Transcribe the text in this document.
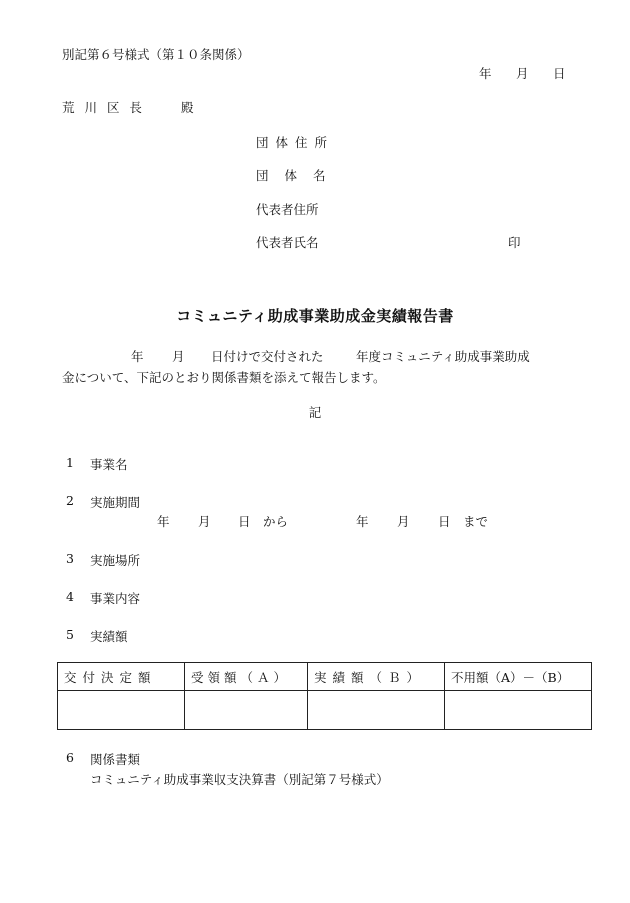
別記第６号様式（第１０条関係）
年 月 日
荒 川 区 長	殿
団体住所
団 体 名
代表者住所
代表者氏名	印
コミュニティ助成事業助成金実績報告書
年 月 日付けで交付された	年度コミュニティ助成事業助成
金について、下記のとおり関係書類を添えて報告します。
記
1 事業名
2 実施期間
年 月 日 から	年 月 日 まで
3 実施場所
4 事業内容
5 実績額
交付決定額	受領額（Ａ）	実績額（Ｂ）	不用額（A）－（B）

6 関係書類
コミュニティ助成事業収支決算書（別記第７号様式）
